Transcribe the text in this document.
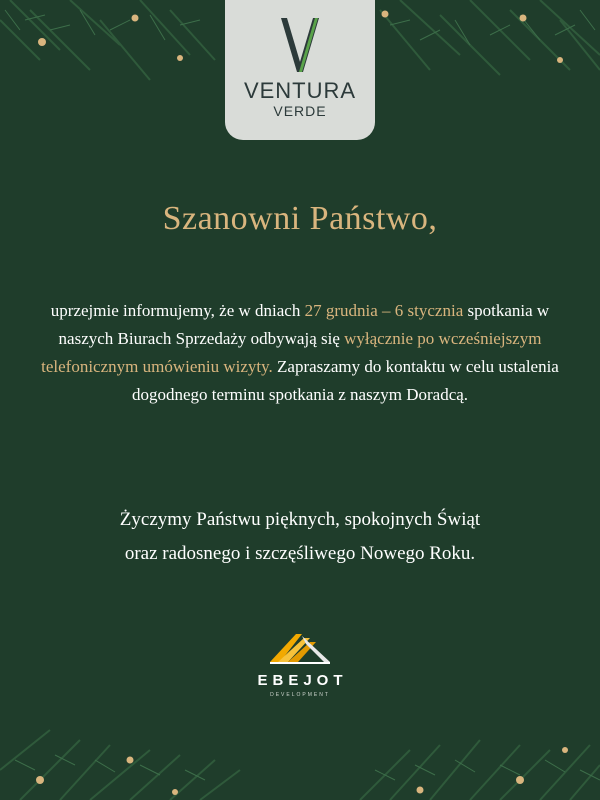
VENTURA
VERDE
Szanowni Państwo,
uprzejmie informujemy, że w dniach 27 grudnia – 6 stycznia spotkania w naszych Biurach Sprzedaży odbywają się wyłącznie po wcześniejszym telefonicznym umówieniu wizyty. Zapraszamy do kontaktu w celu ustalenia dogodnego terminu spotkania z naszym Doradcą.
Życzymy Państwu pięknych, spokojnych Świąt
oraz radosnego i szczęśliwego Nowego Roku.
EBEJOT
DEVELOPMENT
